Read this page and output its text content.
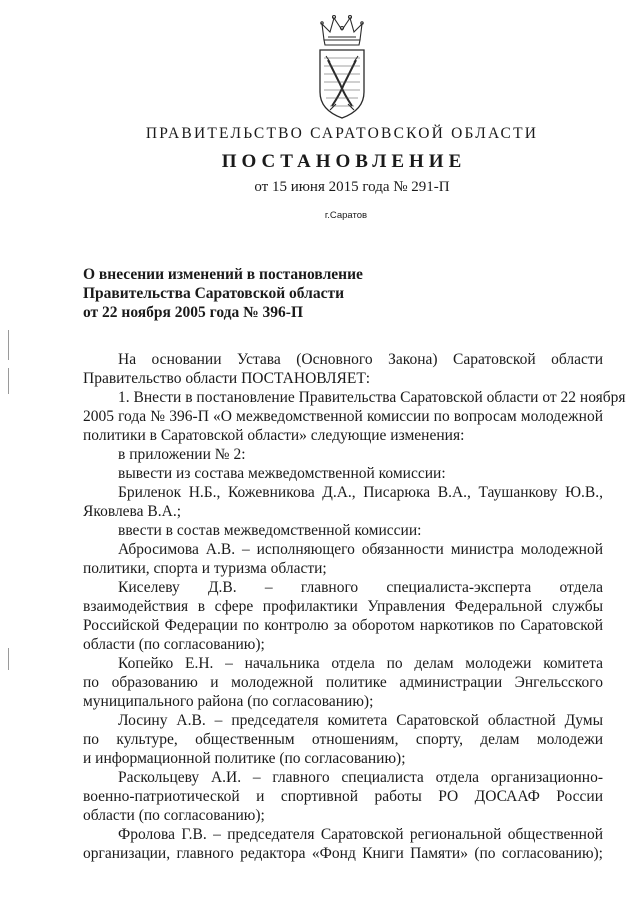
ПРАВИТЕЛЬСТВО САРАТОВСКОЙ ОБЛАСТИ
ПОСТАНОВЛЕНИЕ
от 15 июня 2015 года № 291-П
г.Саратов
О внесении изменений в постановление
Правительства Саратовской области
от 22 ноября 2005 года № 396-П
На основании Устава (Основного Закона) Саратовской области
Правительство области ПОСТАНОВЛЯЕТ:
1. Внести в постановление Правительства Саратовской области от 22 ноября
2005 года № 396-П «О межведомственной комиссии по вопросам молодежной
политики в Саратовской области» следующие изменения:
в приложении № 2:
вывести из состава межведомственной комиссии:
Бриленок Н.Б., Кожевникова Д.А., Писарюка В.А., Таушанкову Ю.В.,
Яковлева В.А.;
ввести в состав межведомственной комиссии:
Абросимова А.В. – исполняющего обязанности министра молодежной
политики, спорта и туризма области;
Киселеву Д.В. – главного специалиста-эксперта отдела
взаимодействия в сфере профилактики Управления Федеральной службы
Российской Федерации по контролю за оборотом наркотиков по Саратовской
области (по согласованию);
Копейко Е.Н. – начальника отдела по делам молодежи комитета
по образованию и молодежной политике администрации Энгельсского
муниципального района (по согласованию);
Лосину А.В. – председателя комитета Саратовской областной Думы
по культуре, общественным отношениям, спорту, делам молодежи
и информационной политике (по согласованию);
Раскольцеву А.И. – главного специалиста отдела организационно-
военно-патриотической и спортивной работы РО ДОСААФ России
области (по согласованию);
Фролова Г.В. – председателя Саратовской региональной общественной
организации, главного редактора «Фонд Книги Памяти» (по согласованию);
